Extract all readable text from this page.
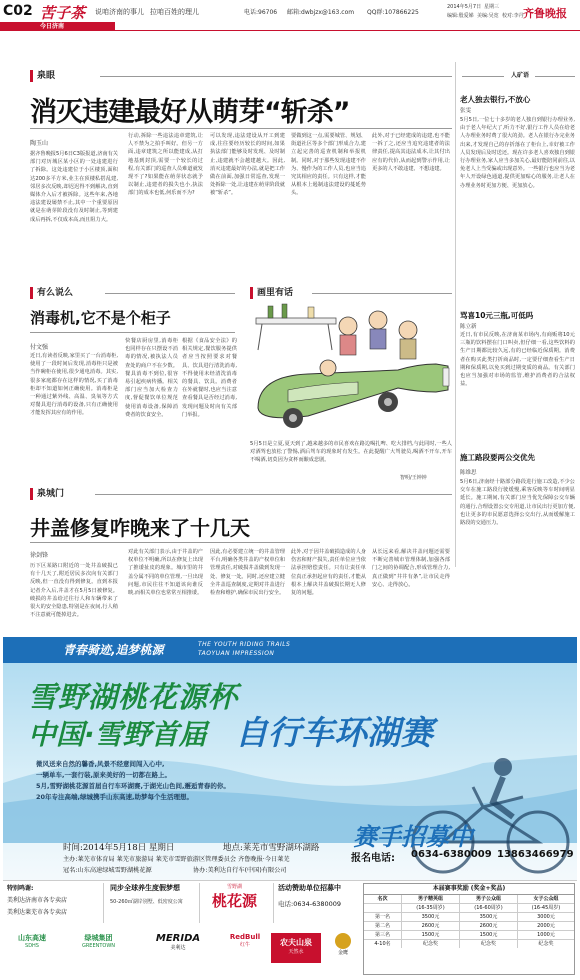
C02 苦子茶 说咱济南的事儿 拉咱百姓的理儿	电话:96706 邮箱:dwbjzx@163.com QQ群:107866225
2014年5月7日 星期三
编辑:殷爱娣 美编:吴宽 校对:李丹 齐鲁晚报
今日济南
泉眼
消灭违建最好从萌芽“斩杀”
陶玉山
据齐鲁晚报5月6日C3版报道,济南有关部门对历城区某小区的一处违建进行了拆除。这处违建位于小区楼顶,面积达200多平方米,业主在顶楼私搭乱建,邻居多次反映,却迟迟得不到解决,直到媒体介入后才被拆除。这些年来,各地违法建设屡禁不止,其中一个重要原因就是在萌芽阶段没有及时制止,等到建成后再拆,不仅成本高,而且阻力大。
行动,拆除一些违法违章建筑,让人不禁为之拍手叫好。但另一方面,违章建筑之所以能建成,从打地基到封顶,需要一个较长的过程,有关部门的巡查人员难道就发现不了?如果能在萌芽状态就予以制止,违建者的损失也小,执法部门的成本也低,何乐而不为?
可以发现,违法建设从开工到建成,往往要经历较长的时间,如果执法部门能够及时发现、及时制止,违建就不会越建越大。因此,消灭违建最好的办法,就是把工作做在前面,加强日常巡查,发现一处拆除一处,让违建在萌芽阶段就被“斩杀”。
要做到这一点,需要城管、规划、街道社区等多个部门形成合力,建立起完善的巡查机制和举报机制。同时,对于那些发现违建不作为、慢作为的工作人员,也应当追究其相应的责任。只有这样,才能从根本上遏制违法建设的蔓延势头。
此外,对于已经建成的违建,也不能一拆了之,还应当追究违建者的法律责任,提高其违法成本,让其付出应有的代价,从而起到警示作用,让更多的人不敢违建、不想违建。
人矿语
老人独去银行,不放心
张雯
5月5日,一位七十多岁的老人独自到银行办理业务,由于老人年纪大了,听力不好,银行工作人员在给老人办理业务时费了很大的劲。老人在银行办完业务出来,才发现自己的存折落在了柜台上,幸好被工作人员发现后及时送还。现在许多老人喜欢独自到银行办理业务,家人应当多加关心,最好能陪同前往,以免老人上当受骗或出现意外。一些银行也应当为老年人开设绿色通道,提供更加贴心的服务,让老人在办理业务时更加方便、更加放心。
骂喜10元三瓶,可低吗
陈立新
近日,有市民反映,在济南某市场内,有商贩将10元三瓶的饮料摆在门口叫卖,但仔细一看,这些饮料的生产日期都比较久远,有的已经临近保质期。消费者在购买此类打折商品时,一定要仔细查看生产日期和保质期,以免买到过期变质的商品。有关部门也应当加强对市场的监管,维护消费者的合法权益。
施工路段要两公交优先
陈维思
5月6日,济南经十路部分路段进行施工改造,不少公交车在施工路段行驶缓慢,乘客反映等车时间明显延长。施工期间,有关部门应当优先保障公交车辆的通行,合理设置公交专用道,让市民出行更加方便,也让更多的市民愿意选择公交出行,从而缓解施工路段的交通压力。
有么说么
消毒机,它不是个柜子
付文强
近日,有读者反映,家里买了一台消毒柜,使用了一段时间后发现,消毒柜只是被当作碗柜在使用,很少通电消毒。其实,很多家庭都存在这样的情况,买了消毒柜却不知道如何正确使用。消毒柜是一种通过紫外线、高温、臭氧等方式对餐具进行消毒的设备,只有正确使用才能发挥其应有的作用。
快餐店厨房里,消毒柜也同样存在只摆设不消毒的情况,被执法人员查处的商户不在少数。餐具消毒不到位,很容易引起疾病传播。相关部门应当加大检查力度,督促餐饮单位规范使用消毒设备,保障消费者的饮食安全。
根据《食品安全法》的相关规定,餐饮服务提供者应当按照要求对餐具、饮具进行清洗消毒,不得使用未经清洗消毒的餐具、饮具。消费者在外就餐时,也应当注意查看餐具是否经过消毒,发现问题及时向有关部门举报。
画里有话
5月5日是立夏,夏天到了,越来越多的市民喜欢在路边喝扎啤、吃大排档,与此同时,一些人对酒驾也放松了警惕,酒后驾车的现象时有发生。在此提醒广大驾驶员,喝酒不开车,开车不喝酒,切莫因为贪杯而酿成悲剧。
智明/王钟钟
泉城门
井盖修复咋晚来了十几天
徐剑锋
历下区某路口附近的一处井盖破损已有十几天了,附近居民多次向有关部门反映,但一直没有得到修复。直到本报记者介入后,井盖才在5月5日被修复。破损的井盖给过往行人和车辆带来了很大的安全隐患,特别是在夜间,行人稍不注意就可能掉进去。
对此有关部门表示,由于井盖的产权单位不明确,所以在修复上出现了推诿扯皮的现象。城市里的井盖分属不同的单位管理,一旦出现问题,市民往往不知道该向谁反映,而相关单位也常常互相推诿。
因此,有必要建立统一的井盖管理平台,明确各类井盖的产权单位和管理责任,对破损井盖做到发现一处、修复一处。同时,还应建立健全井盖巡查制度,定期对井盖进行检查和维护,确保市民出行安全。
此外,对于因井盖破损造成的人身伤害和财产损失,责任单位应当依法承担赔偿责任。只有让责任单位真正承担起应有的责任,才能从根本上解决井盖破损长期无人修复的问题。
从长远来看,解决井盖问题还需要不断完善城市管理体制,加强各部门之间的协调配合,形成管理合力,真正做到“井井有条”,让市民走得安心、走得放心。
青春骑迹,追梦桃源	THE YOUTH RIDING TRAILS
TAOYUAN IMPRESSION
雪野湖桃花源杯
中国·雪野首届 自行车环湖赛
微风送来自然的馨香,风景不经意间闯入心中,
一辆单车,一套行装,原来美好的一切都在路上。
5月,雪野湖桃花源首届自行车环湖赛,于湖光山色间,邂逅青春的你。
20年专注高端,绿城携手山东高速,助梦每个生活理想。
赛手招募中
时间:2014年5月18日 星期日	地点:莱芜市雪野湖环湖路
主办:莱芜市体育局 莱芜市旅游局 莱芜市雪野旅游区管理委员会 齐鲁晚报·今日莱芜
冠名:山东高速绿城雪野湖桃花源	协办:美利达自行车(中国)有限公司
报名电话: 0634-6380009 13863466979
特别鸣谢:
美利达济南市各专卖店
美利达莱芜市各专卖店
同步全球养生度假梦想
50-260㎡湖岸别墅、低密度公寓
雪野湖
桃花源
活动赞助单位招募中
电话:0634-6380009
山东高速
SDHS
绿城集团
GREENTOWN
MERIDA
美利达
RedBull
红牛	农夫山泉
天然水	金鹰
本届赛事奖励 (奖金+奖品)
名次	男子精英组	男子公众组	女子公众组
(16-35周岁)	(16-60周岁)	(16-45周岁)
第一名	3500元	3500元	3000元
第二名	2600元	2600元	2000元
第三名	1500元	1500元	1000元
4-10名	纪念奖	纪念奖	纪念奖
